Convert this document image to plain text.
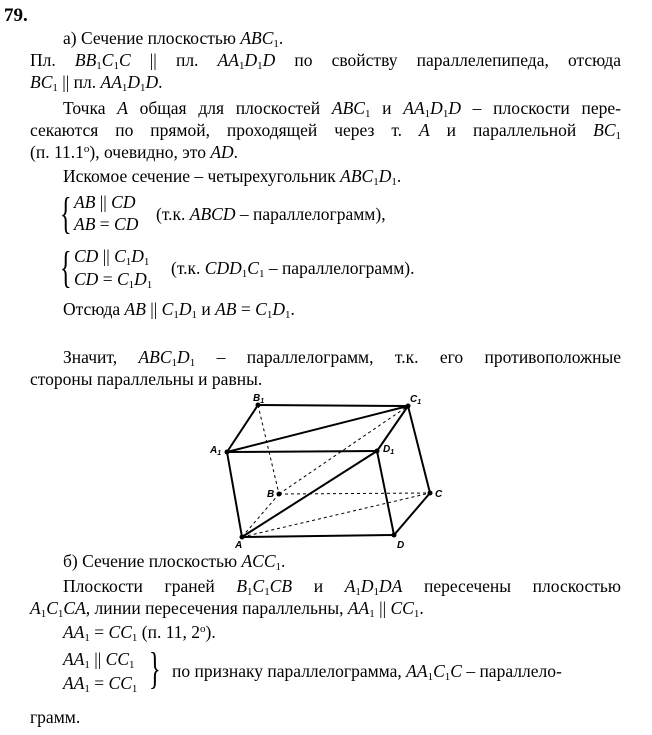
79.
а) Сечение плоскостью $ABC_1$.
Пл. $BB_1C_1C$ || пл. $AA_1D_1D$ по свойству параллелепипеда, отсюда
$BC_1$ || пл. $AA_1D_1D$.
Точка A общая для плоскостей $ABC_1$ и $AA_1D_1D$ – плоскости пере-
секаются по прямой, проходящей через т. A и параллельной $BC_1$
(п. 11.1$^o$), очевидно, это AD.
Искомое сечение – четырехугольник $ABC_1D_1$.
{ AB || CD
AB = CD (т.к. ABCD – параллелограмм),
{ CD || $C_1D_1$
CD = $C_1D_1$
(т.к. $CDD_1C_1$ – параллелограмм).
Отсюда AB || $C_1D_1$ и AB = $C_1D_1$.
Значит, $ABC_1D_1$ – параллелограмм, т.к. его противоположные
стороны параллельны и равны.
$B_1$	$C_1$
$A_1$	$D_1$
B	C
A	D
б) Сечение плоскостью $ACC_1$.
Плоскости граней $B_1C_1CB$ и $A_1D_1DA$ пересечены плоскостью
$A_1C_1CA$, линии пересечения параллельны, $AA_1$ || $CC_1$.
$AA_1 = CC_1$ (п. 11, 2$^o$).
$AA_1$ || $CC_1$
$AA_1 = CC_1$ } по признаку параллелограмма, $AA_1C_1C$ – параллело-
грамм.
